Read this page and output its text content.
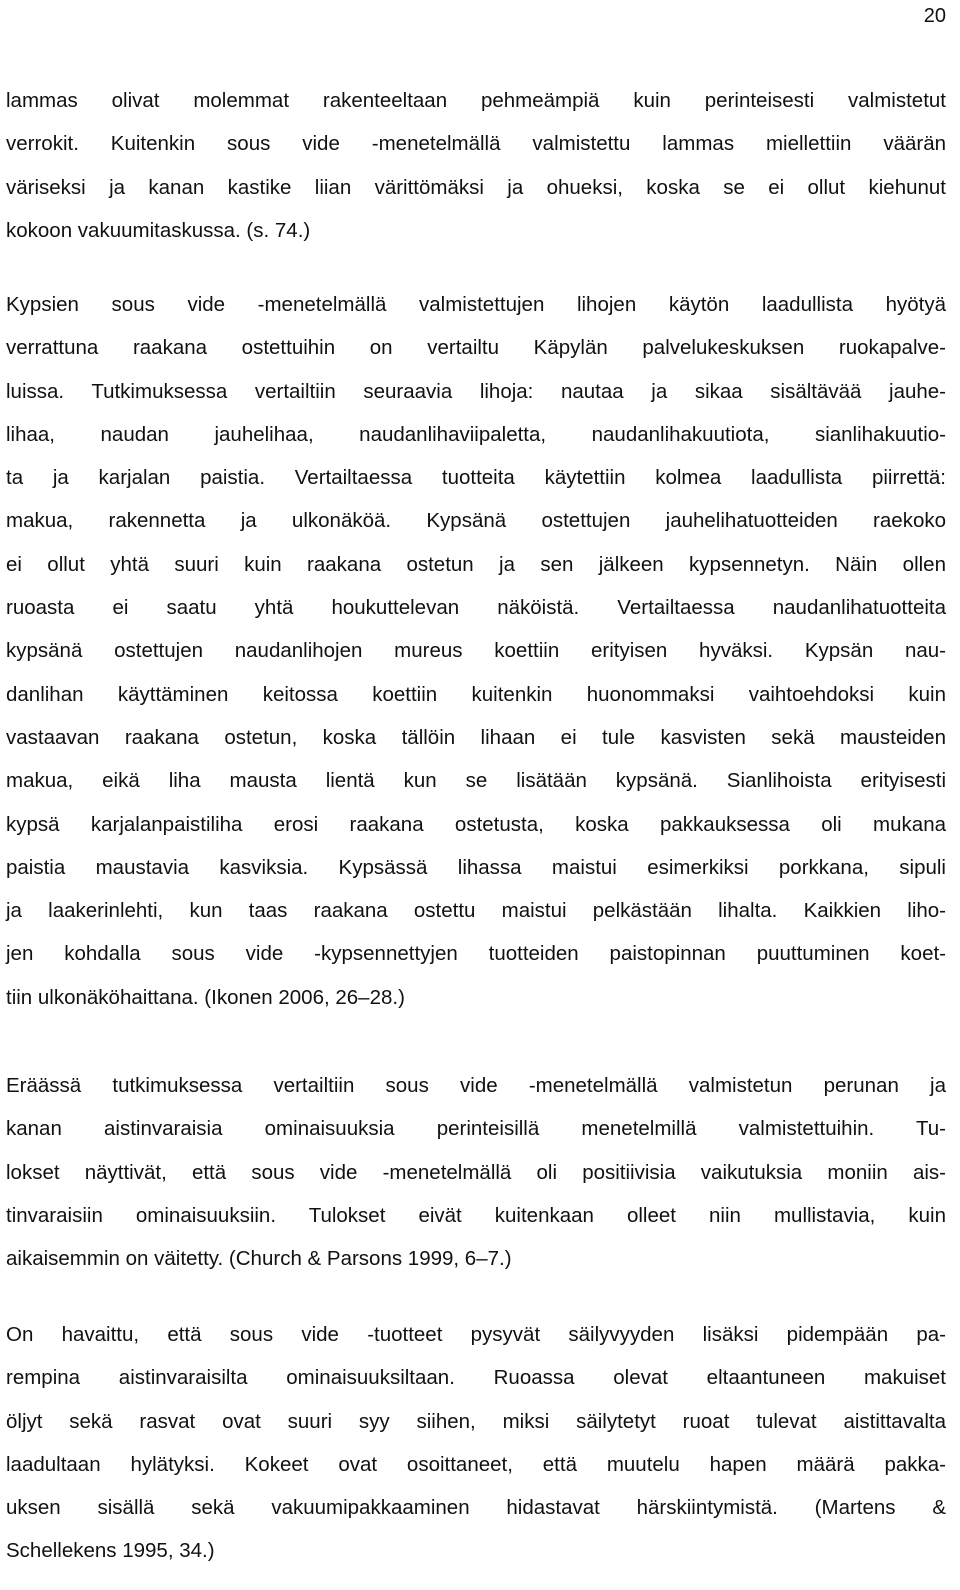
20

lammas olivat molemmat rakenteeltaan pehmeämpiä kuin perinteisesti valmistetut
verrokit. Kuitenkin sous vide -menetelmällä valmistettu lammas miellettiin väärän
väriseksi ja kanan kastike liian värittömäksi ja ohueksi, koska se ei ollut kiehunut
kokoon vakuumitaskussa. (s. 74.)

Kypsien sous vide -menetelmällä valmistettujen lihojen käytön laadullista hyötyä
verrattuna raakana ostettuihin on vertailtu Käpylän palvelukeskuksen ruokapalve-
luissa. Tutkimuksessa vertailtiin seuraavia lihoja: nautaa ja sikaa sisältävää jauhe-
lihaa, naudan jauhelihaa, naudanlihaviipaletta, naudanlihakuutiota, sianlihakuutio-
ta ja karjalan paistia. Vertailtaessa tuotteita käytettiin kolmea laadullista piirrettä:
makua, rakennetta ja ulkonäköä. Kypsänä ostettujen jauhelihatuotteiden raekoko
ei ollut yhtä suuri kuin raakana ostetun ja sen jälkeen kypsennetyn. Näin ollen
ruoasta ei saatu yhtä houkuttelevan näköistä. Vertailtaessa naudanlihatuotteita
kypsänä ostettujen naudanlihojen mureus koettiin erityisen hyväksi. Kypsän nau-
danlihan käyttäminen keitossa koettiin kuitenkin huonommaksi vaihtoehdoksi kuin
vastaavan raakana ostetun, koska tällöin lihaan ei tule kasvisten sekä mausteiden
makua, eikä liha mausta lientä kun se lisätään kypsänä. Sianlihoista erityisesti
kypsä karjalanpaistiliha erosi raakana ostetusta, koska pakkauksessa oli mukana
paistia maustavia kasviksia. Kypsässä lihassa maistui esimerkiksi porkkana, sipuli
ja laakerinlehti, kun taas raakana ostettu maistui pelkästään lihalta. Kaikkien liho-
jen kohdalla sous vide -kypsennettyjen tuotteiden paistopinnan puuttuminen koet-
tiin ulkonäköhaittana. (Ikonen 2006, 26–28.)

Eräässä tutkimuksessa vertailtiin sous vide -menetelmällä valmistetun perunan ja
kanan aistinvaraisia ominaisuuksia perinteisillä menetelmillä valmistettuihin. Tu-
lokset näyttivät, että sous vide -menetelmällä oli positiivisia vaikutuksia moniin ais-
tinvaraisiin ominaisuuksiin. Tulokset eivät kuitenkaan olleet niin mullistavia, kuin
aikaisemmin on väitetty. (Church & Parsons 1999, 6–7.)

On havaittu, että sous vide -tuotteet pysyvät säilyvyyden lisäksi pidempään pa-
rempina aistinvaraisilta ominaisuuksiltaan. Ruoassa olevat eltaantuneen makuiset
öljyt sekä rasvat ovat suuri syy siihen, miksi säilytetyt ruoat tulevat aistittavalta
laadultaan hylätyksi. Kokeet ovat osoittaneet, että muutelu hapen määrä pakka-
uksen sisällä sekä vakuumipakkaaminen hidastavat härskiintymistä. (Martens &
Schellekens 1995, 34.)
